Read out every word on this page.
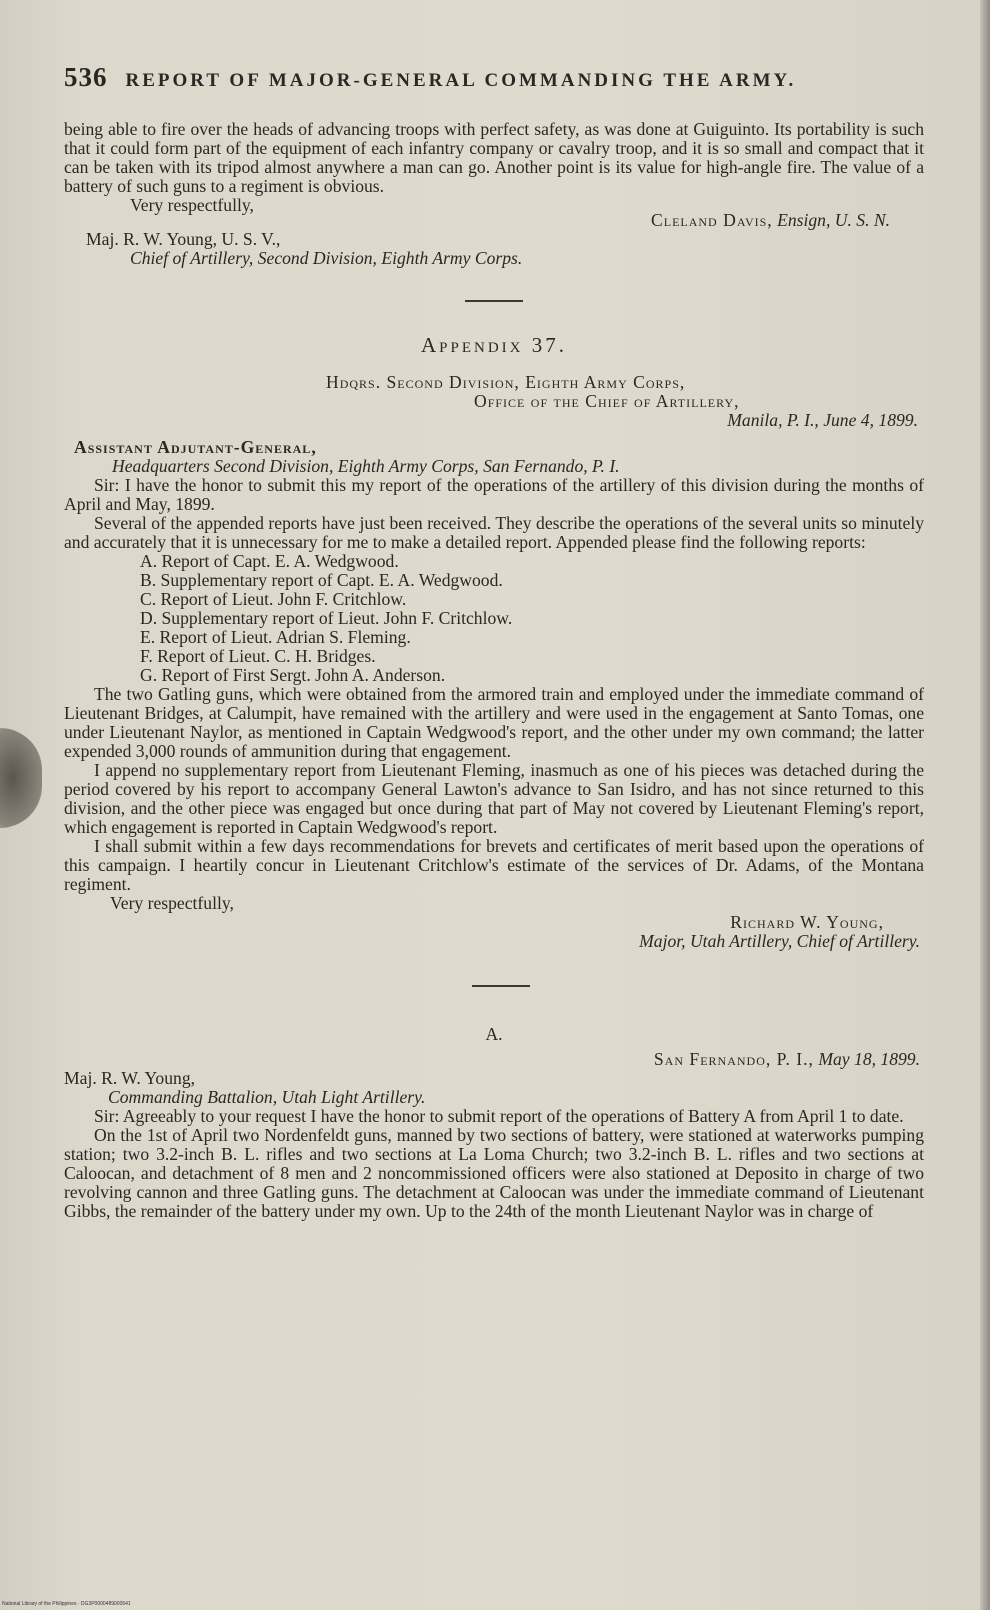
536 REPORT OF MAJOR-GENERAL COMMANDING THE ARMY.

being able to fire over the heads of advancing troops with perfect safety, as was done at Guiguinto. Its portability is such that it could form part of the equipment of each infantry company or cavalry troop, and it is so small and compact that it can be taken with its tripod almost anywhere a man can go. Another point is its value for high-angle fire. The value of a battery of such guns to a regiment is obvious.

Very respectfully,

Cleland Davis, Ensign, U. S. N.

Maj. R. W. Young, U. S. V.,

Chief of Artillery, Second Division, Eighth Army Corps.

Appendix 37.

Hdqrs. Second Division, Eighth Army Corps,

Office of the Chief of Artillery,

Manila, P. I., June 4, 1899.

Assistant Adjutant-General,

Headquarters Second Division, Eighth Army Corps, San Fernando, P. I.

Sir: I have the honor to submit this my report of the operations of the artillery of this division during the months of April and May, 1899.

Several of the appended reports have just been received. They describe the operations of the several units so minutely and accurately that it is unnecessary for me to make a detailed report. Appended please find the following reports:

A. Report of Capt. E. A. Wedgwood.

B. Supplementary report of Capt. E. A. Wedgwood.

C. Report of Lieut. John F. Critchlow.

D. Supplementary report of Lieut. John F. Critchlow.

E. Report of Lieut. Adrian S. Fleming.

F. Report of Lieut. C. H. Bridges.

G. Report of First Sergt. John A. Anderson.

The two Gatling guns, which were obtained from the armored train and employed under the immediate command of Lieutenant Bridges, at Calumpit, have remained with the artillery and were used in the engagement at Santo Tomas, one under Lieutenant Naylor, as mentioned in Captain Wedgwood's report, and the other under my own command; the latter expended 3,000 rounds of ammunition during that engagement.

I append no supplementary report from Lieutenant Fleming, inasmuch as one of his pieces was detached during the period covered by his report to accompany General Lawton's advance to San Isidro, and has not since returned to this division, and the other piece was engaged but once during that part of May not covered by Lieutenant Fleming's report, which engagement is reported in Captain Wedgwood's report.

I shall submit within a few days recommendations for brevets and certificates of merit based upon the operations of this campaign. I heartily concur in Lieutenant Critchlow's estimate of the services of Dr. Adams, of the Montana regiment.

Very respectfully,

Richard W. Young,

Major, Utah Artillery, Chief of Artillery.

A.

San Fernando, P. I., May 18, 1899.

Maj. R. W. Young,

Commanding Battalion, Utah Light Artillery.

Sir: Agreeably to your request I have the honor to submit report of the operations of Battery A from April 1 to date.

On the 1st of April two Nordenfeldt guns, manned by two sections of battery, were stationed at waterworks pumping station; two 3.2-inch B. L. rifles and two sections at La Loma Church; two 3.2-inch B. L. rifles and two sections at Caloocan, and detachment of 8 men and 2 noncommissioned officers were also stationed at Deposito in charge of two revolving cannon and three Gatling guns. The detachment at Caloocan was under the immediate command of Lieutenant Gibbs, the remainder of the battery under my own. Up to the 24th of the month Lieutenant Naylor was in charge of

National Library of the Philippines · DG3P0000489000541
